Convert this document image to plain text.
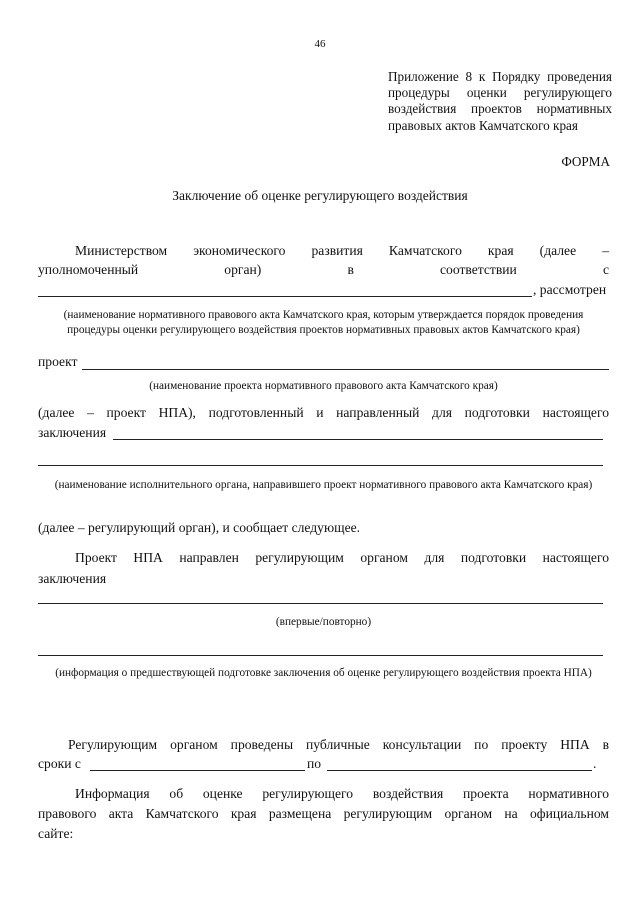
46
Приложение 8 к Порядку проведения процедуры оценки регулирующего воздействия проектов нормативных правовых актов Камчатского края
ФОРМА
Заключение об оценке регулирующего воздействия
Министерством экономического развития Камчатского края (далее –
уполномоченный орган) в соответствии с
, рассмотрен
(наименование нормативного правового акта Камчатского края, которым утверждается порядок проведения процедуры оценки регулирующего воздействия проектов нормативных правовых актов Камчатского края)
проект
(наименование проекта нормативного правового акта Камчатского края)
(далее – проект НПА), подготовленный и направленный для подготовки настоящего
заключения
(наименование исполнительного органа, направившего проект нормативного правового акта Камчатского края)
(далее – регулирующий орган), и сообщает следующее.
Проект НПА направлен регулирующим органом для подготовки настоящего
заключения
(впервые/повторно)
(информация о предшествующей подготовке заключения об оценке регулирующего воздействия проекта НПА)
Регулирующим органом проведены публичные консультации по проекту НПА в
сроки с	по	.
Информация об оценке регулирующего воздействия проекта нормативного
правового акта Камчатского края размещена регулирующим органом на официальном
сайте:
